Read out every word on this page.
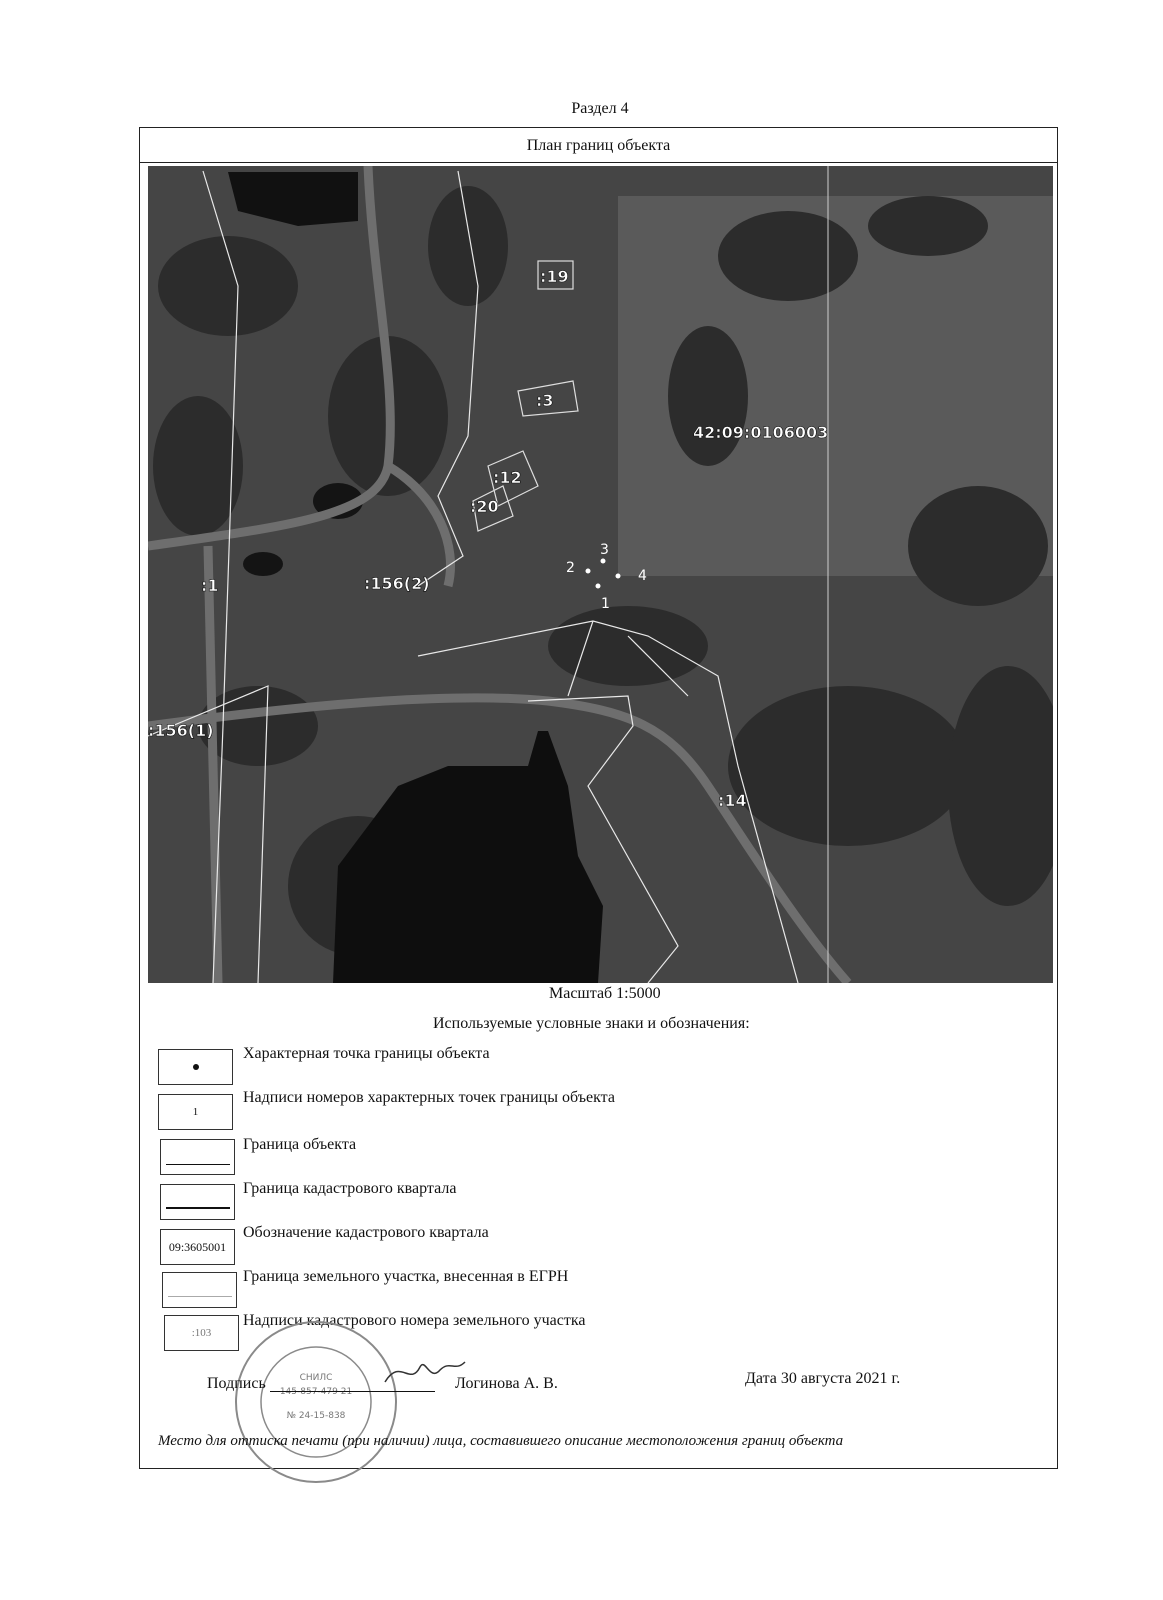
Раздел 4
План границ объекта
:19
:3
:12
:20
42:09:0106003
:1	:156(2)
:156(1)
:14
1
2
3
4
Масштаб 1:5000
Используемые условные знаки и обозначения:
Характерная точка границы объекта
1
Надписи номеров характерных точек границы объекта
Граница объекта
Граница кадастрового квартала
09:3605001
Обозначение кадастрового квартала
Граница земельного участка, внесенная в ЕГРН
:103
Надписи кадастрового номера земельного участка
СНИЛС
145-857-479 21
№ 24-15-838
Подпись	Логинова А. В.	Дата 30 августа 2021 г.
Место для оттиска печати (при наличии) лица, составившего описание местоположения границ объекта
